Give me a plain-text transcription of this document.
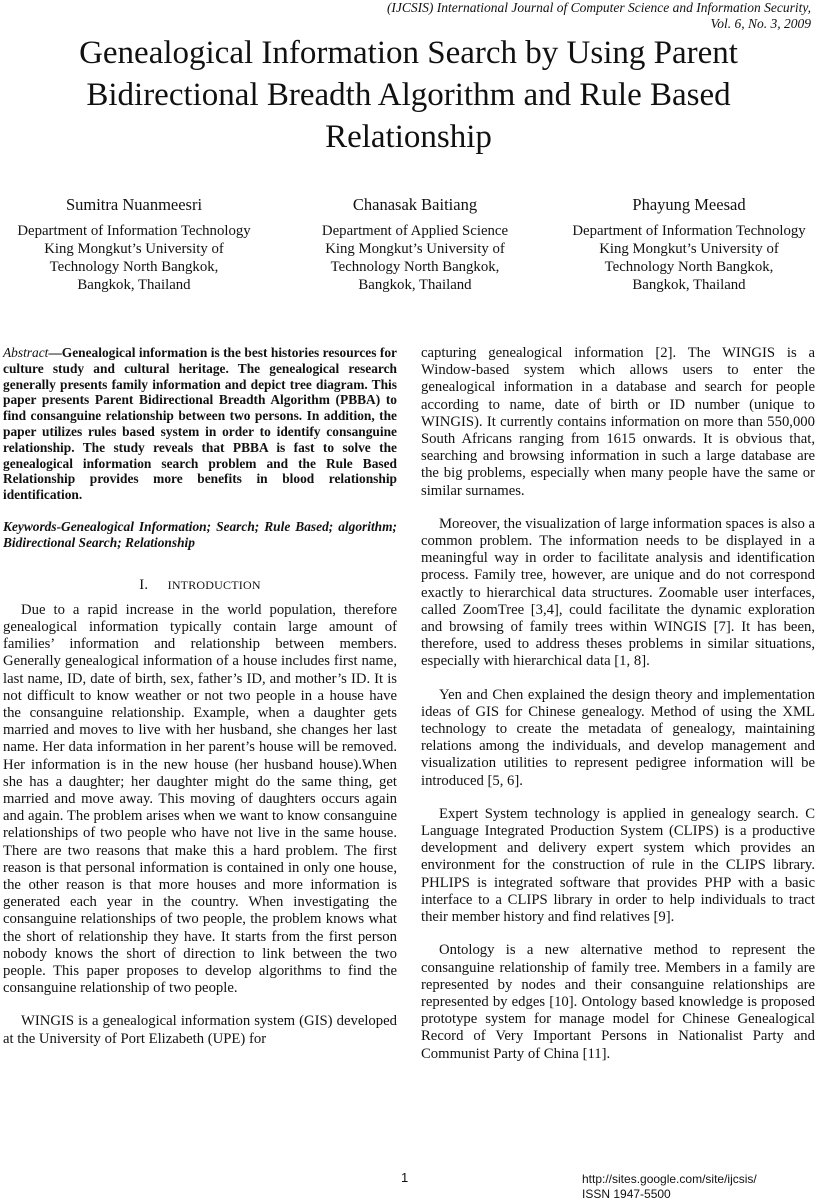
(IJCSIS) International Journal of Computer Science and Information Security,
Vol. 6, No. 3, 2009
Genealogical Information Search by Using Parent
Bidirectional Breadth Algorithm and Rule Based
Relationship
Sumitra Nuanmeesri
Department of Information Technology
King Mongkut’s University of
Technology North Bangkok,
Bangkok, Thailand
Chanasak Baitiang
Department of Applied Science
King Mongkut’s University of
Technology North Bangkok,
Bangkok, Thailand
Phayung Meesad
Department of Information Technology
King Mongkut’s University of
Technology North Bangkok,
Bangkok, Thailand
Abstract—Genealogical information is the best histories resources for culture study and cultural heritage. The genealogical research generally presents family information and depict tree diagram. This paper presents Parent Bidirectional Breadth Algorithm (PBBA) to find consanguine relationship between two persons. In addition, the paper utilizes rules based system in order to identify consanguine relationship. The study reveals that PBBA is fast to solve the genealogical information search problem and the Rule Based Relationship provides more benefits in blood relationship identification.
Keywords-Genealogical Information; Search; Rule Based; algorithm; Bidirectional Search; Relationship
I. INTRODUCTION

Due to a rapid increase in the world population, therefore genealogical information typically contain large amount of families’ information and relationship between members. Generally genealogical information of a house includes first name, last name, ID, date of birth, sex, father’s ID, and mother’s ID. It is not difficult to know weather or not two people in a house have the consanguine relationship. Example, when a daughter gets married and moves to live with her husband, she changes her last name. Her data information in her parent’s house will be removed. Her information is in the new house (her husband house).When she has a daughter; her daughter might do the same thing, get married and move away. This moving of daughters occurs again and again. The problem arises when we want to know consanguine relationships of two people who have not live in the same house. There are two reasons that make this a hard problem. The first reason is that personal information is contained in only one house, the other reason is that more houses and more information is generated each year in the country. When investigating the consanguine relationships of two people, the problem knows what the short of relationship they have. It starts from the first person nobody knows the short of direction to link between the two people. This paper proposes to develop algorithms to find the consanguine relationship of two people.

WINGIS is a genealogical information system (GIS) developed at the University of Port Elizabeth (UPE) for

capturing genealogical information [2]. The WINGIS is a Window-based system which allows users to enter the genealogical information in a database and search for people according to name, date of birth or ID number (unique to WINGIS). It currently contains information on more than 550,000 South Africans ranging from 1615 onwards. It is obvious that, searching and browsing information in such a large database are the big problems, especially when many people have the same or similar surnames.

Moreover, the visualization of large information spaces is also a common problem. The information needs to be displayed in a meaningful way in order to facilitate analysis and identification process. Family tree, however, are unique and do not correspond exactly to hierarchical data structures. Zoomable user interfaces, called ZoomTree [3,4], could facilitate the dynamic exploration and browsing of family trees within WINGIS [7]. It has been, therefore, used to address theses problems in similar situations, especially with hierarchical data [1, 8].

Yen and Chen explained the design theory and implementation ideas of GIS for Chinese genealogy. Method of using the XML technology to create the metadata of genealogy, maintaining relations among the individuals, and develop management and visualization utilities to represent pedigree information will be introduced [5, 6].

Expert System technology is applied in genealogy search. C Language Integrated Production System (CLIPS) is a productive development and delivery expert system which provides an environment for the construction of rule in the CLIPS library. PHLIPS is integrated software that provides PHP with a basic interface to a CLIPS library in order to help individuals to tract their member history and find relatives [9].

Ontology is a new alternative method to represent the consanguine relationship of family tree. Members in a family are represented by nodes and their consanguine relationships are represented by edges [10]. Ontology based knowledge is proposed prototype system for manage model for Chinese Genealogical Record of Very Important Persons in Nationalist Party and Communist Party of China [11].

1	http://sites.google.com/site/ijcsis/
ISSN 1947-5500
